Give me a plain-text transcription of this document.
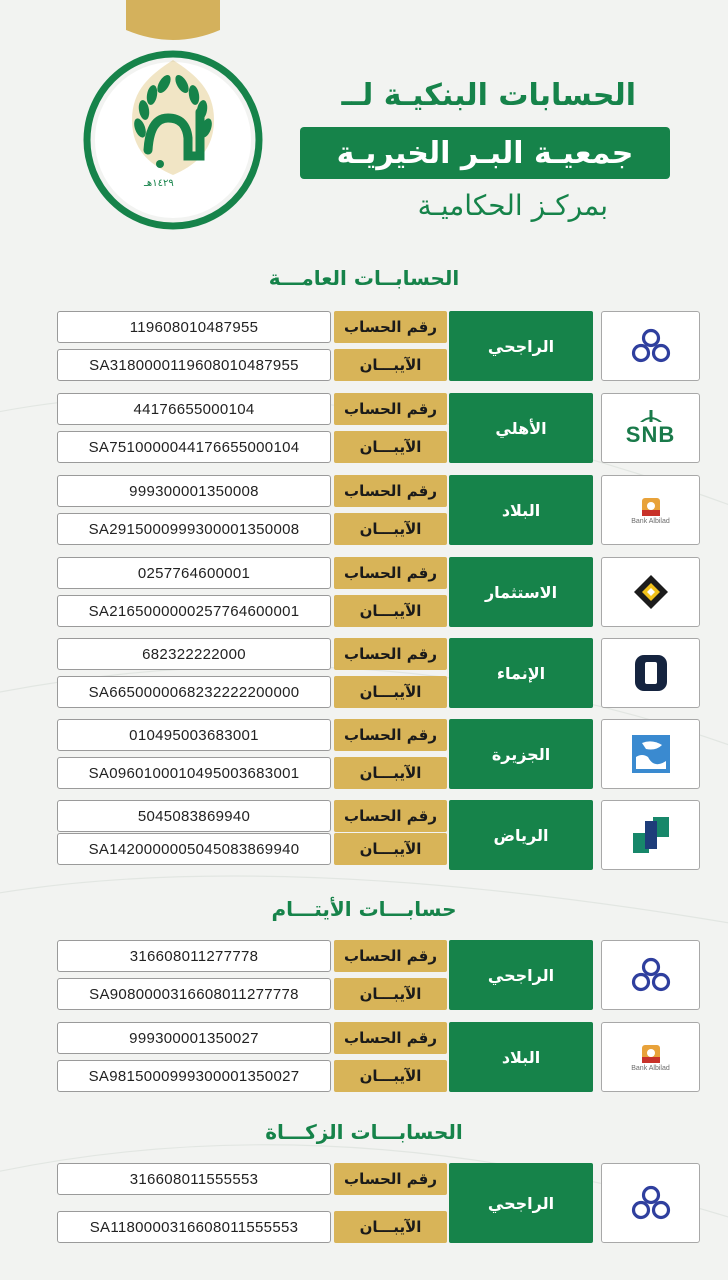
١٤٢٩هـ
الحسابات البنكيـة لــ
جمعيـة البـر الخيريـة
بمركـز الحكاميـة
الحسابــات العامـــة
119608010487955	رقم الحساب
SA3180000119608010487955	الآيبـــان
الراجحي
44176655000104	رقم الحساب
SA7510000044176655000104	الآيبـــان
الأهلي	SNB
999300001350008	رقم الحساب
SA2915000999300001350008	الآيبـــان
البلاد
Bank Albilad
0257764600001	رقم الحساب
SA2165000000257764600001	الآيبـــان
الاستثمار
682322222000	رقم الحساب
SA6650000068232222200000	الآيبـــان
الإنماء
010495003683001	رقم الحساب
SA0960100010495003683001	الآيبـــان
الجزيرة
5045083869940	رقم الحساب
SA1420000005045083869940	الآيبـــان
الرياض
حسابـــات الأيتـــام
316608011277778	رقم الحساب
SA9080000316608011277778	الآيبـــان
الراجحي
999300001350027	رقم الحساب
SA9815000999300001350027	الآيبـــان
البلاد
Bank Albilad
الحسابـــات الزكـــاة
316608011555553	رقم الحساب
SA1180000316608011555553	الآيبـــان
الراجحي
